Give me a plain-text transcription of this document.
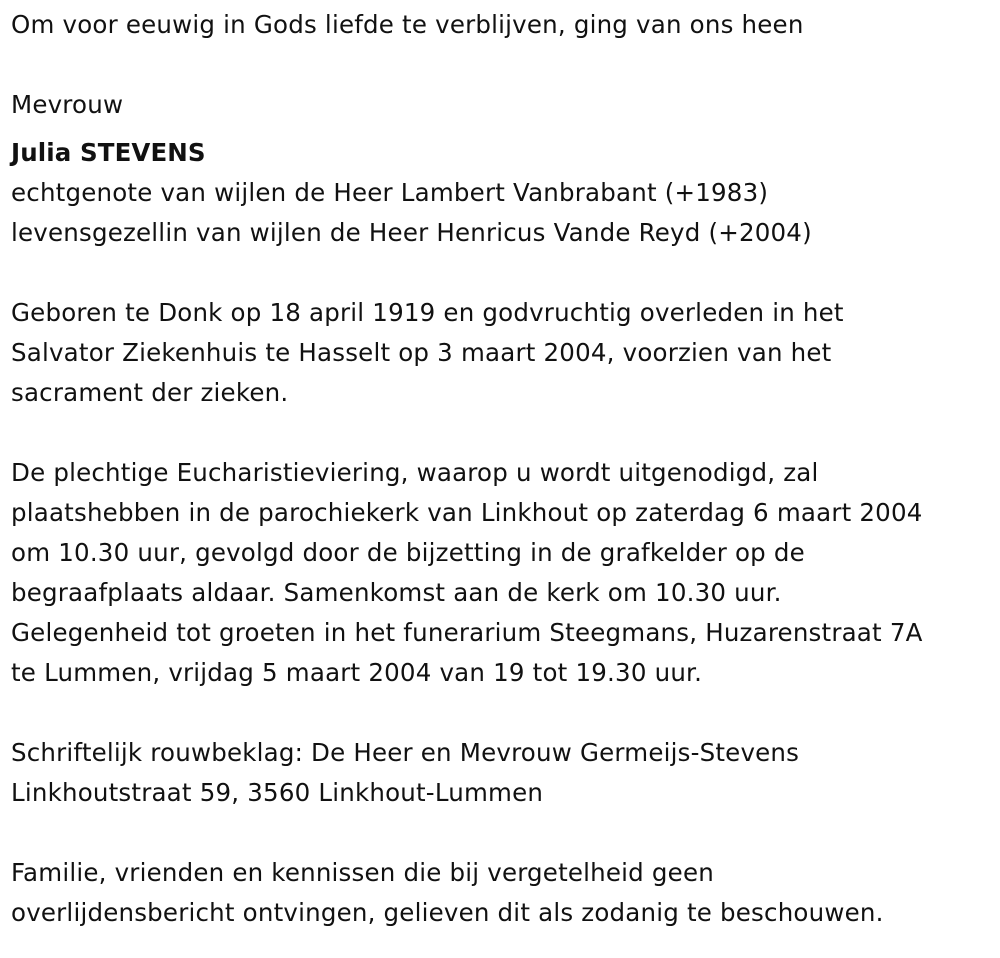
Om voor eeuwig in Gods liefde te verblijven, ging van ons heen
Mevrouw
Julia STEVENS
echtgenote van wijlen de Heer Lambert Vanbrabant (+1983)
levensgezellin van wijlen de Heer Henricus Vande Reyd (+2004)
Geboren te Donk op 18 april 1919 en godvruchtig overleden in het
Salvator Ziekenhuis te Hasselt op 3 maart 2004, voorzien van het
sacrament der zieken.
De plechtige Eucharistieviering, waarop u wordt uitgenodigd, zal
plaatshebben in de parochiekerk van Linkhout op zaterdag 6 maart 2004
om 10.30 uur, gevolgd door de bijzetting in de grafkelder op de
begraafplaats aldaar. Samenkomst aan de kerk om 10.30 uur.
Gelegenheid tot groeten in het funerarium Steegmans, Huzarenstraat 7A
te Lummen, vrijdag 5 maart 2004 van 19 tot 19.30 uur.
Schriftelijk rouwbeklag: De Heer en Mevrouw Germeijs-Stevens
Linkhoutstraat 59, 3560 Linkhout-Lummen
Familie, vrienden en kennissen die bij vergetelheid geen
overlijdensbericht ontvingen, gelieven dit als zodanig te beschouwen.
